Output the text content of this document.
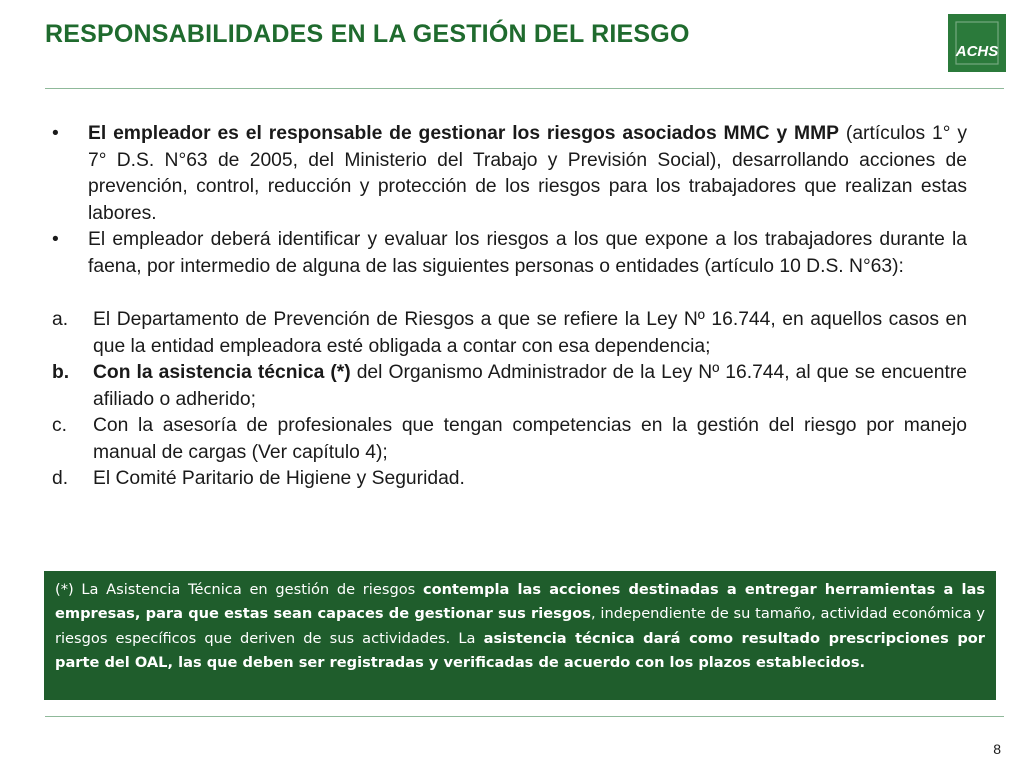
RESPONSABILIDADES EN LA GESTIÓN DEL RIESGO
ACHS
•	El empleador es el responsable de gestionar los riesgos asociados MMC y MMP (artículos 1° y 7° D.S. N°63 de 2005, del Ministerio del Trabajo y Previsión Social), desarrollando acciones de prevención, control, reducción y protección de los riesgos para los trabajadores que realizan estas labores.
•	El empleador deberá identificar y evaluar los riesgos a los que expone a los trabajadores durante la faena, por intermedio de alguna de las siguientes personas o entidades (artículo 10 D.S. N°63):
a.	El Departamento de Prevención de Riesgos a que se refiere la Ley Nº 16.744, en aquellos casos en que la entidad empleadora esté obligada a contar con esa dependencia;
b.	Con la asistencia técnica (*) del Organismo Administrador de la Ley Nº 16.744, al que se encuentre afiliado o adherido;
c.	Con la asesoría de profesionales que tengan competencias en la gestión del riesgo por manejo manual de cargas (Ver capítulo 4);
d.	El Comité Paritario de Higiene y Seguridad.
(*) La Asistencia Técnica en gestión de riesgos contempla las acciones destinadas a entregar herramientas a las empresas, para que estas sean capaces de gestionar sus riesgos, independiente de su tamaño, actividad económica y riesgos específicos que deriven de sus actividades. La asistencia técnica dará como resultado prescripciones por parte del OAL, las que deben ser registradas y verificadas de acuerdo con los plazos establecidos.
8
